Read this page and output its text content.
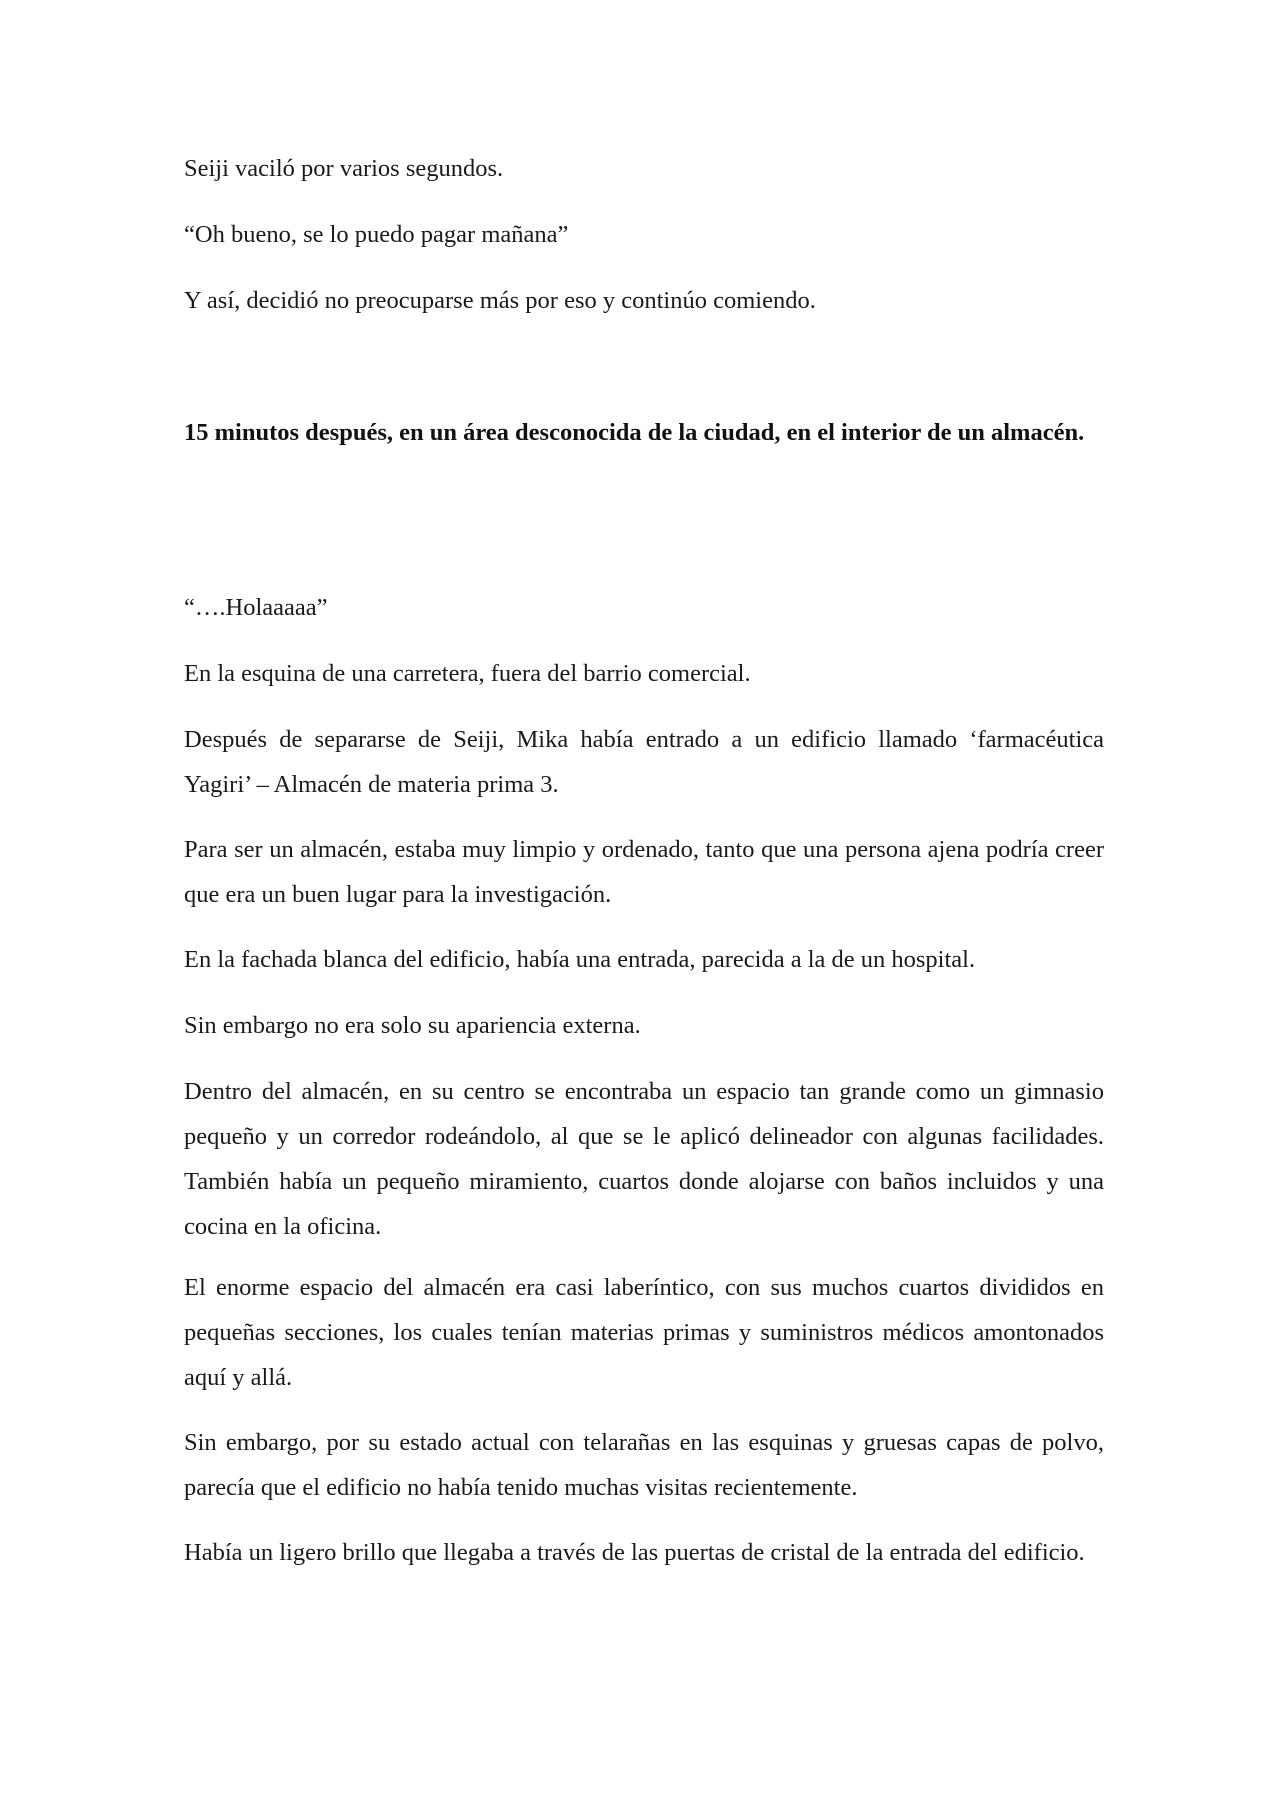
Seiji vaciló por varios segundos.

“Oh bueno, se lo puedo pagar mañana”

Y así, decidió no preocuparse más por eso y continúo comiendo.

15 minutos después, en un área desconocida de la ciudad, en el interior de un almacén.

“….Holaaaaa”

En la esquina de una carretera, fuera del barrio comercial.

Después de separarse de Seiji, Mika había entrado a un edificio llamado ‘farmacéutica Yagiri’ – Almacén de materia prima 3.

Para ser un almacén, estaba muy limpio y ordenado, tanto que una persona ajena podría creer que era un buen lugar para la investigación.

En la fachada blanca del edificio, había una entrada, parecida a la de un hospital.

Sin embargo no era solo su apariencia externa.

Dentro del almacén, en su centro se encontraba un espacio tan grande como un gimnasio pequeño y un corredor rodeándolo, al que se le aplicó delineador con algunas facilidades. También había un pequeño miramiento, cuartos donde alojarse con baños incluidos y una cocina en la oficina.

El enorme espacio del almacén era casi laberíntico, con sus muchos cuartos divididos en pequeñas secciones, los cuales tenían materias primas y suministros médicos amontonados aquí y allá.

Sin embargo, por su estado actual con telarañas en las esquinas y gruesas capas de polvo, parecía que el edificio no había tenido muchas visitas recientemente.

Había un ligero brillo que llegaba a través de las puertas de cristal de la entrada del edificio.
